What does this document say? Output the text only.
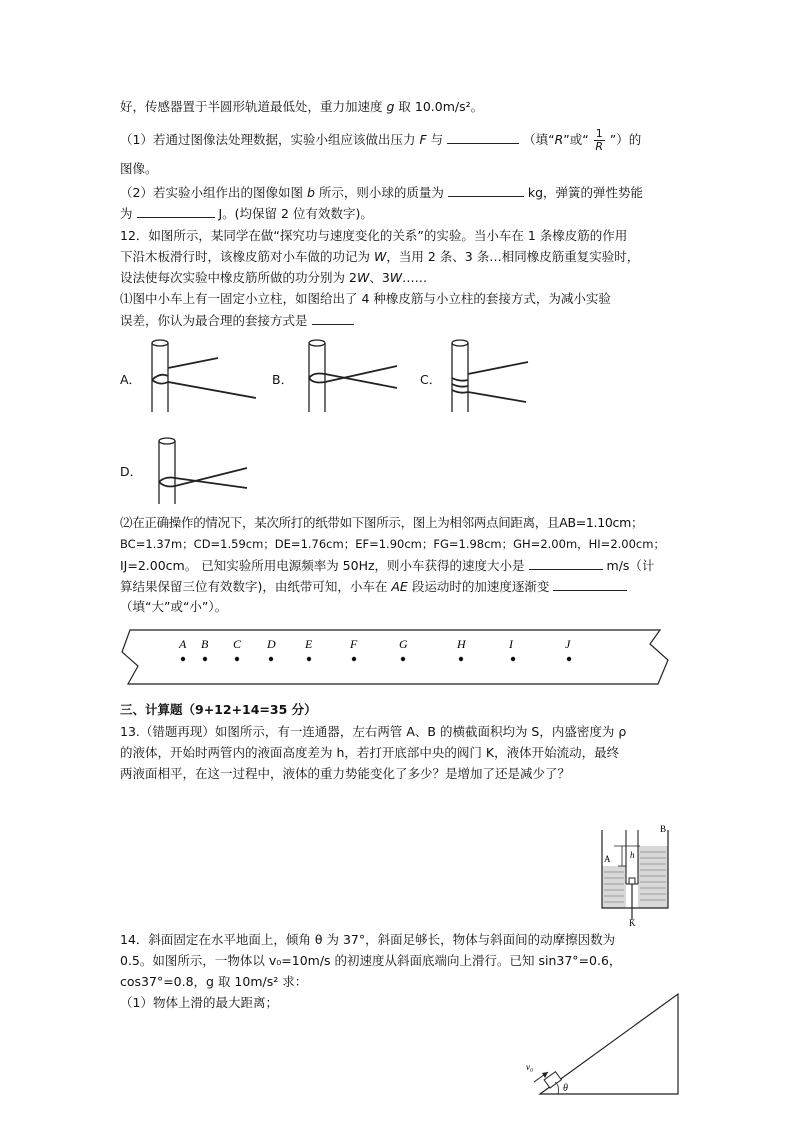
好，传感器置于半圆形轨道最低处，重力加速度 g 取 10.0m/s²。
（1）若通过图像法处理数据，实验小组应该做出压力 F 与	（填“R”或“ $\frac{1}{R}$ ”）的
图像。
（2）若实验小组作出的图像如图 b 所示，则小球的质量为	kg，弹簧的弹性势能
为	J。(均保留 2 位有效数字)。
12．如图所示，某同学在做“探究功与速度变化的关系”的实验。当小车在 1 条橡皮筋的作用
下沿木板滑行时，该橡皮筋对小车做的功记为 W，当用 2 条、3 条…相同橡皮筋重复实验时，
设法使每次实验中橡皮筋所做的功分别为 2W、3W……
⑴图中小车上有一固定小立柱，如图给出了 4 种橡皮筋与小立柱的套接方式，为减小实验
误差，你认为最合理的套接方式是
A．	B．	C．
D．
⑵在正确操作的情况下，某次所打的纸带如下图所示，图上为相邻两点间距离，且AB=1.10cm；
BC=1.37m；CD=1.59cm；DE=1.76cm；EF=1.90cm；FG=1.98cm；GH=2.00m，HI=2.00cm；
IJ=2.00cm。 已知实验所用电源频率为 50Hz，则小车获得的速度大小是	m/s（计
算结果保留三位有效数字)，由纸带可知，小车在 AE 段运动时的加速度逐渐变
（填“大”或“小”）。
A B C D E	F	G	H	I	J
三、计算题（9+12+14=35 分）
13.（错题再现）如图所示，有一连通器，左右两管 A、B 的横截面积均为 S，内盛密度为 ρ
的液体，开始时两管内的液面高度差为 h，若打开底部中央的阀门 K，液体开始流动，最终
两液面相平，在这一过程中，液体的重力势能变化了多少？是增加了还是减少了？
h
A
B
K
14．斜面固定在水平地面上，倾角 θ 为 37°，斜面足够长，物体与斜面间的动摩擦因数为
0.5。如图所示，一物体以 v₀=10m/s 的初速度从斜面底端向上滑行。已知 sin37°=0.6，
cos37°=0.8，g 取 10m/s² 求：
（1）物体上滑的最大距离；
v₀
θ
